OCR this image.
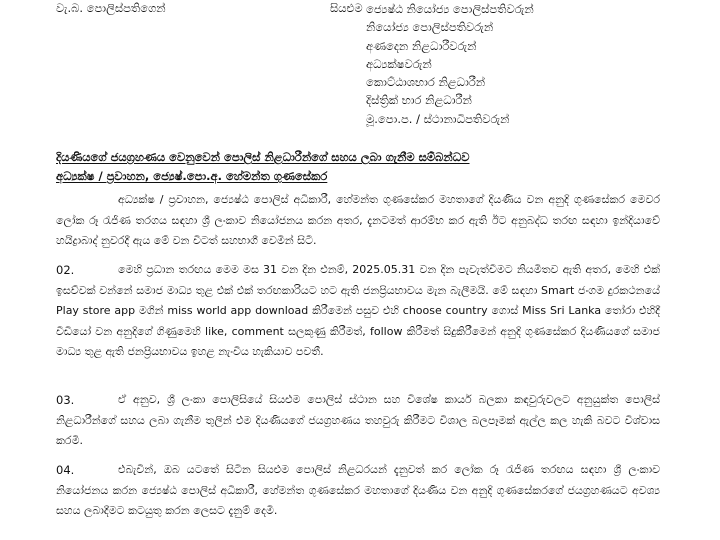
වැ.බ. පොලිස්පතිගෙන්	සියළුම ජ්‍යෙෂ්ඨ නියෝජ්‍ය පොලිස්පතිවරුන්
නියෝජ්‍ය පොලිස්පතිවරුන්
අණදෙන නිළධාරීවරුන්
අධ්‍යක්ෂවරුන්
කොට්ඨාශභාර නිළධාරීන්
දිස්ත්‍රික් භාර නිළධාරීන්
මූ.පො.ප. / ස්ථානාධිපතිවරුන්
දියණියගේ ජයග්‍රහණය වෙනුවෙන් පොලිස් නිළධාරීන්ගේ සහය ලබා ගැනීම සම්බන්ධව
අධ්‍යක්ෂ / ප්‍රවාහන, ජ්‍යෙෂ්.පො.අ. හේමන්ත ගුණසේකර
අධ්‍යක්ෂ / ප්‍රවාහන, ජ්‍යෙෂ්ඨ පොලිස් අධිකාරී, හේමන්ත ගුණසේකර මහතාගේ දියණිය වන අනුදි ගුණසේකර මෙවර ලෝක රූ රැජිණ තරගය සඳහා ශ්‍රී ලංකාව නියෝජනය කරන අතර, දැනටමත් ආරම්භ කර ඇති ඊට අනුබද්ධ තරඟ සඳහා ඉන්දියාවේ හයිද්‍රාබාද් නුවරදී ඇය මේ වන විටත් සහභාගී වෙමින් සිටී.
02.	මෙහි ප්‍රධාන තරඟය මෙම මස 31 වන දින එනම්, 2025.05.31 වන දින පැවැත්වීමට නියමිතව ඇති අතර, මෙහි එක් ඉසව්වක් වන්නේ සමාජ මාධ්‍ය තුළ එක් එක් තරඟකාරියට හට ඇති ජනප්‍රියභාවය මැන බැලීමයි. මේ සඳහා Smart ජංගම දුරකථනයේ Play store app මගින් miss world app download කිරීමෙන් පසුව එහි choose country ගොස් Miss Sri Lanka තෝරා එහිදී වීඩියෝ වන අනුදිගේ ගිණුමෙහි like, comment සලකුණු කිරීමත්, follow කිරීමත් සිදුකිරීමෙන් අනුදි ගුණසේකර දියණියගේ සමාජ මාධ්‍ය තුළ ඇති ජනප්‍රියභාවය ඉහළ නැංවිය හැකියාව පවතී.
03.	ඒ අනුව, ශ්‍රී ලංකා පොලිසියේ සියළුම පොලිස් ස්ථාන සහ විශේෂ කාර්ය බලකා කඳවුරුවලට අනුයුක්ත පොලිස් නිළධාරීන්ගේ සහය ලබා ගැනීම තුලින් එම දියණියගේ ජයග්‍රහණය තහවුරු කිරීමට විශාල බලපෑමක් ඇල්ල කල හැකි බවට විශ්වාස කරමි.
04.	එබැවින්, ඔබ යටතේ සිටින සියළුම පොලිස් නිළධරයන් දැනුවත් කර ලෝක රූ රැජිණ තරඟය සඳහා ශ්‍රී ලංකාව නියෝජනය කරන ජ්‍යෙෂ්ඨ පොලිස් අධිකාරී, හේමන්ත ගුණසේකර මහතාගේ දියණිය වන අනුදි ගුණසේකරගේ ජයග්‍රහණයට අවශ්‍ය සහය ලබාදීමට කටයුතු කරන ලෙසට දැනුම් දෙමි.
